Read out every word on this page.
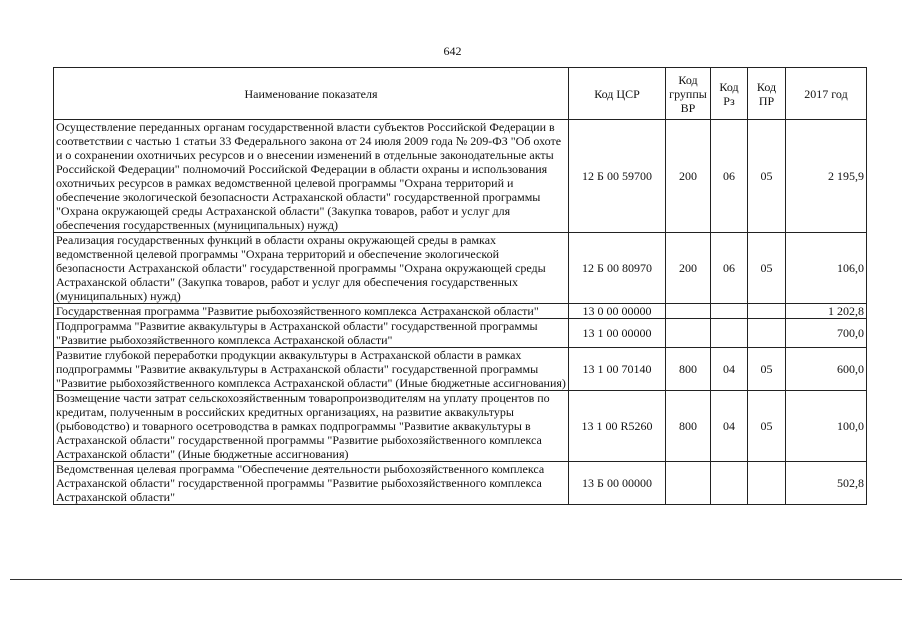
642
Наименование показателя	Код ЦСР	Код группы ВР	Код Рз	Код ПР	2017 год
Осуществление переданных органам государственной власти субъектов Российской Федерации в соответствии с частью 1 статьи 33 Федерального закона от 24 июля 2009 года № 209-ФЗ "Об охоте и о сохранении охотничьих ресурсов и о внесении изменений в отдельные законодательные акты Российской Федерации" полномочий Российской Федерации в области охраны и использования охотничьих ресурсов в рамках ведомственной целевой программы "Охрана территорий и обеспечение экологической безопасности Астраханской области" государственной программы "Охрана окружающей среды Астраханской области" (Закупка товаров, работ и услуг для обеспечения государственных (муниципальных) нужд)	12 Б 00 59700	200	06	05	2 195,9
Реализация государственных функций в области охраны окружающей среды в рамках ведомственной целевой программы "Охрана территорий и обеспечение экологической безопасности Астраханской области" государственной программы "Охрана окружающей среды Астраханской области" (Закупка товаров, работ и услуг для обеспечения государственных (муниципальных) нужд)	12 Б 00 80970	200	06	05	106,0
Государственная программа "Развитие рыбохозяйственного комплекса Астраханской области"	13 0 00 00000				1 202,8
Подпрограмма "Развитие аквакультуры в Астраханской области" государственной программы "Развитие рыбохозяйственного комплекса Астраханской области"	13 1 00 00000				700,0
Развитие глубокой переработки продукции аквакультуры в Астраханской области в рамках подпрограммы "Развитие аквакультуры в Астраханской области" государственной программы "Развитие рыбохозяйственного комплекса Астраханской области" (Иные бюджетные ассигнования)	13 1 00 70140	800	04	05	600,0
Возмещение части затрат сельскохозяйственным товаропроизводителям на уплату процентов по кредитам, полученным в российских кредитных организациях, на развитие аквакультуры (рыбоводство) и товарного осетроводства в рамках подпрограммы "Развитие аквакультуры в Астраханской области" государственной программы "Развитие рыбохозяйственного комплекса Астраханской области" (Иные бюджетные ассигнования)	13 1 00 R5260	800	04	05	100,0
Ведомственная целевая программа "Обеспечение деятельности рыбохозяйственного комплекса Астраханской области" государственной программы "Развитие рыбохозяйственного комплекса Астраханской области"	13 Б 00 00000				502,8
